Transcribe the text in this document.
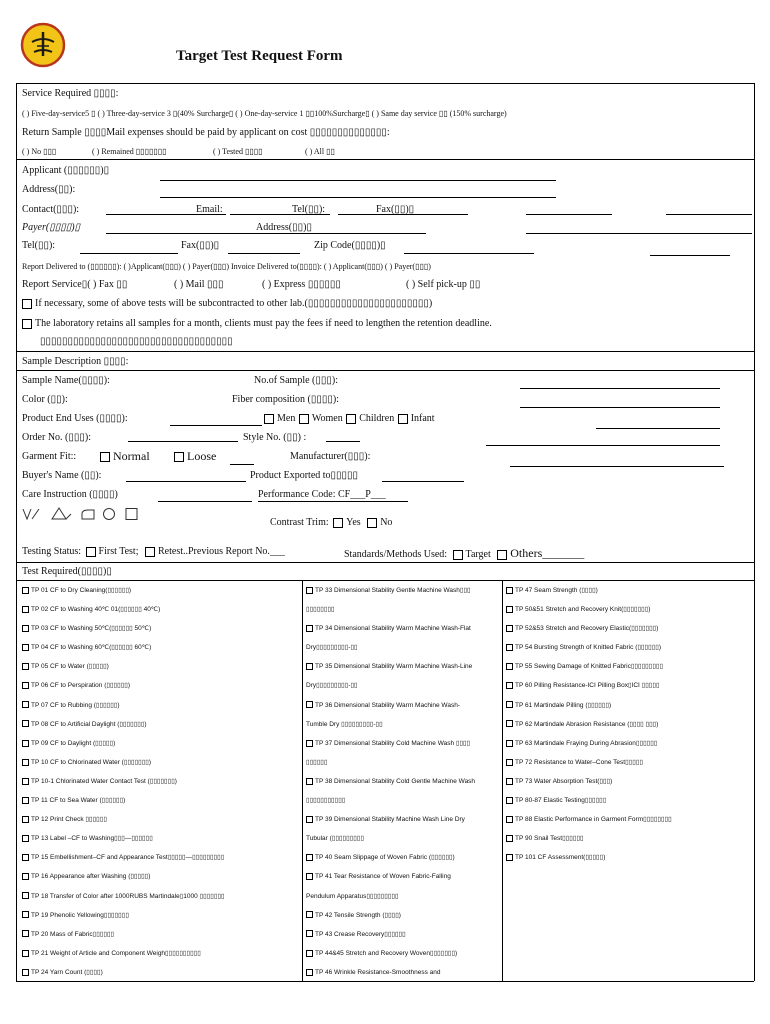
Target Test Request Form
Service Required ▯▯▯▯:
( ) Five-day-service5 ▯ ( ) Three-day-service 3 ▯(40% Surcharge▯ ( ) One-day-service 1 ▯▯100%Surcharge▯ ( ) Same day service ▯▯ (150% surcharge)
Return Sample ▯▯▯▯Mail expenses should be paid by applicant on cost ▯▯▯▯▯▯▯▯▯▯▯▯▯▯:
( ) No ▯▯▯	( ) Remained ▯▯▯▯▯▯▯	( ) Tested ▯▯▯▯	( ) All ▯▯
Applicant (▯▯▯▯▯▯)▯
Address(▯▯):
Contact(▯▯▯):	Email:	Tel(▯▯):	Fax(▯▯)▯
Payer(▯▯▯▯)▯	Address(▯▯)▯
Tel(▯▯):	Fax(▯▯)▯	Zip Code(▯▯▯▯)▯
Report Delivered to (▯▯▯▯▯▯): ( )Applicant(▯▯▯) ( ) Payer(▯▯▯) Invoice Delivered to(▯▯▯▯): ( ) Applicant(▯▯▯) ( ) Payer(▯▯▯)
Report Service▯( ) Fax ▯▯	( ) Mail ▯▯▯	( ) Express ▯▯▯▯▯▯	( ) Self pick-up ▯▯
If necessary, some of above tests will be subcontracted to other lab.(▯▯▯▯▯▯▯▯▯▯▯▯▯▯▯▯▯▯▯▯▯▯)
The laboratory retains all samples for a month, clients must pay the fees if need to lengthen the retention deadline.
▯▯▯▯▯▯▯▯▯▯▯▯▯▯▯▯▯▯▯▯▯▯▯▯▯▯▯▯▯▯▯▯▯▯▯
Sample Description ▯▯▯▯:
Sample Name(▯▯▯▯):	No.of Sample (▯▯▯):
Color (▯▯):	Fiber composition (▯▯▯▯):
Product End Uses (▯▯▯▯):	Men Women Children Infant
Order No. (▯▯▯):	Style No. (▯▯) :
Garment Fit::	Normal	Loose	Manufacturer(▯▯▯):
Buyer's Name (▯▯):	Product Exported to▯▯▯▯▯
Care Instruction (▯▯▯▯)	Performance Code: CF___P___
Contrast Trim: Yes No
Testing Status: First Test; Retest..Previous Report No.___	Standards/Methods Used: Target Others_______
Test Required(▯▯▯▯)▯
TP 01 CF to Dry Cleaning(▯▯▯▯▯▯)
TP 02 CF to Washing 40℃ 01(▯▯▯▯▯▯ 40℃)
TP 03 CF to Washing 50℃(▯▯▯▯▯▯ 50℃)
TP 04 CF to Washing 60℃(▯▯▯▯▯▯ 60℃)
TP 05 CF to Water (▯▯▯▯▯)
TP 06 CF to Perspiration (▯▯▯▯▯▯)
TP 07 CF to Rubbing (▯▯▯▯▯▯)
TP 08 CF to Artificial Daylight (▯▯▯▯▯▯▯)
TP 09 CF to Daylight (▯▯▯▯▯)
TP 10 CF to Chlorinated Water (▯▯▯▯▯▯▯)
TP 10-1 Chlorinated Water Contact Test (▯▯▯▯▯▯▯)
TP 11 CF to Sea Water (▯▯▯▯▯▯)
TP 12 Print Check ▯▯▯▯▯▯
TP 13 Label –CF to Washing▯▯▯—▯▯▯▯▯▯
TP 15 Embellishment–CF and Appearance Test▯▯▯▯▯—▯▯▯▯▯▯▯▯▯
TP 16 Appearance after Washing (▯▯▯▯▯)
TP 18 Transfer of Color after 1000RUBS Martindale▯1000 ▯▯▯▯▯▯▯
TP 19 Phenolic Yellowing▯▯▯▯▯▯▯
TP 20 Mass of Fabric▯▯▯▯▯▯
TP 21 Weight of Article and Component Weigh▯▯▯▯▯▯▯▯▯▯
TP 24 Yarn Count (▯▯▯▯)
TP 33 Dimensional Stability Gentle Machine Wash▯▯▯
▯▯▯▯▯▯▯▯
TP 34 Dimensional Stability Warm Machine Wash-Flat
Dry▯▯▯▯▯▯▯▯▯-▯▯
TP 35 Dimensional Stability Warm Machine Wash-Line
Dry▯▯▯▯▯▯▯▯▯-▯▯
TP 36 Dimensional Stability Warm Machine Wash-
Tumble Dry ▯▯▯▯▯▯▯▯▯-▯▯
TP 37 Dimensional Stability Cold Machine Wash ▯▯▯▯
▯▯▯▯▯▯
TP 38 Dimensional Stability Cold Gentle Machine Wash
▯▯▯▯▯▯▯▯▯▯▯
TP 39 Dimensional Stability Machine Wash Line Dry
Tubular (▯▯▯▯▯▯▯▯▯
TP 40 Seam Slippage of Woven Fabric (▯▯▯▯▯▯)
TP 41 Tear Resistance of Woven Fabric-Falling
Pendulum Apparatus▯▯▯▯▯▯▯▯▯
TP 42 Tensile Strength (▯▯▯▯)
TP 43 Crease Recovery▯▯▯▯▯▯
TP 44&45 Stretch and Recovery Woven▯▯▯▯▯▯▯)
TP 46 Wrinkle Resistance-Smoothness and
TP 47 Seam Strength (▯▯▯▯)
TP 50&51 Stretch and Recovery Knit(▯▯▯▯▯▯▯)
TP 52&53 Stretch and Recovery Elastic(▯▯▯▯▯▯▯)
TP 54 Bursting Strength of Knitted Fabric (▯▯▯▯▯▯)
TP 55 Sewing Damage of Knitted Fabric▯▯▯▯▯▯▯▯▯
TP 60 Pilling Resistance-ICI Pilling Box▯ICI ▯▯▯▯▯
TP 61 Martindale Pilling (▯▯▯▯▯▯)
TP 62 Martindale Abrasion Resistance (▯▯▯▯ ▯▯▯)
TP 63 Martindale Fraying During Abrasion▯▯▯▯▯▯
TP 72 Resistance to Water–Cone Test▯▯▯▯▯
TP 73 Water Absorption Test(▯▯▯)
TP 80-87 Elastic Testing▯▯▯▯▯▯
TP 88 Elastic Performance in Garment Form▯▯▯▯▯▯▯▯
TP 90 Snail Test▯▯▯▯▯▯
TP 101 CF Assessment(▯▯▯▯▯)
